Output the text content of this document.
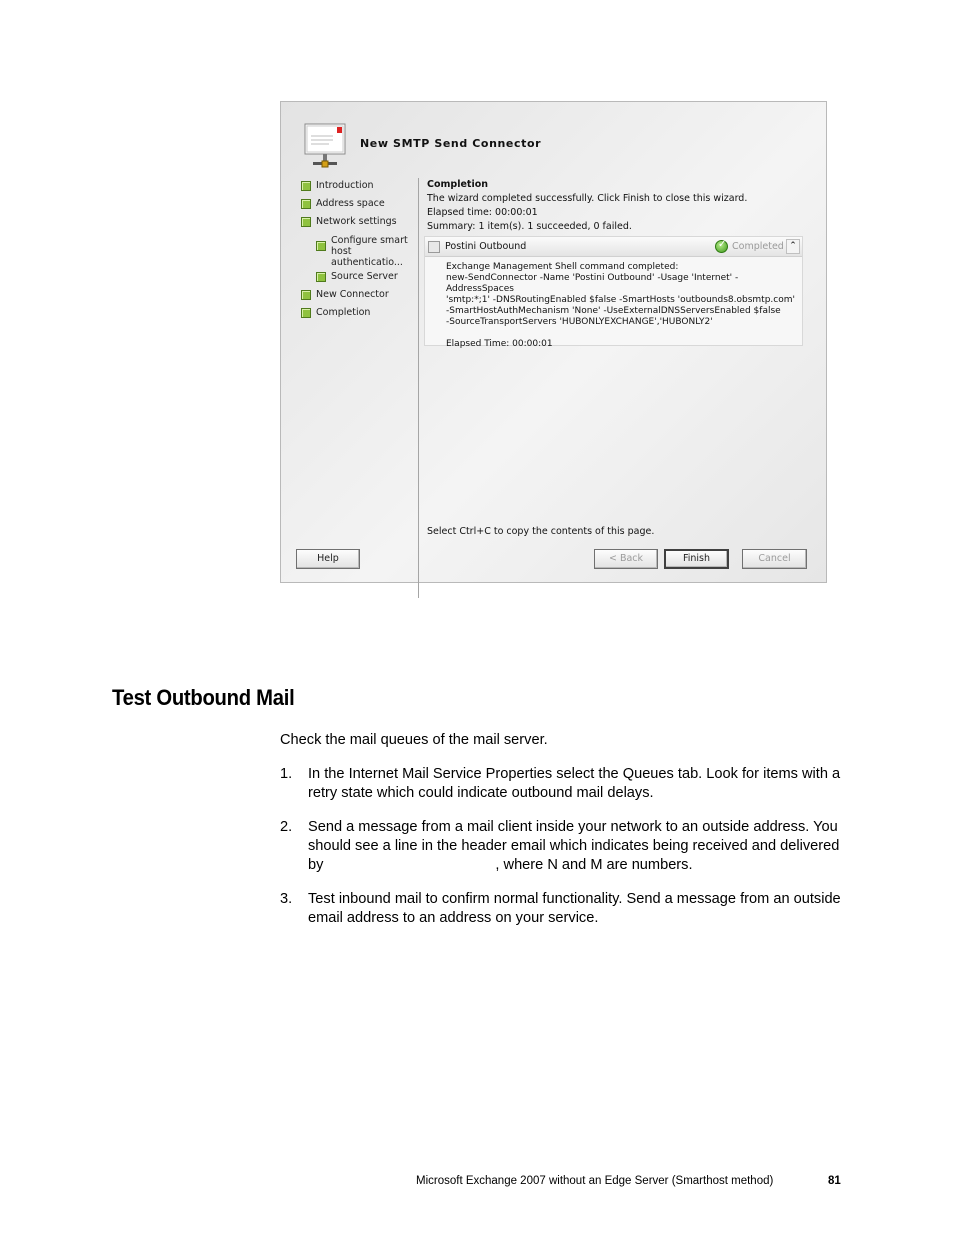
New SMTP Send Connector
Introduction
Address space
Network settings
Configure smart host authenticatio...
Source Server
New Connector
Completion
Completion
The wizard completed successfully. Click Finish to close this wizard.
Elapsed time: 00:00:01
Summary: 1 item(s). 1 succeeded, 0 failed.
Postini Outbound
✓	Completed ⌃
Exchange Management Shell command completed:
new-SendConnector -Name 'Postini Outbound' -Usage 'Internet' -AddressSpaces
'smtp:*;1' -DNSRoutingEnabled $false -SmartHosts 'outbounds8.obsmtp.com'
-SmartHostAuthMechanism 'None' -UseExternalDNSServersEnabled $false
-SourceTransportServers 'HUBONLYEXCHANGE','HUBONLY2'
Elapsed Time: 00:00:01
Select Ctrl+C to copy the contents of this page.
Help	< Back	Finish	Cancel
Test Outbound Mail
Check the mail queues of the mail server.
1. In the Internet Mail Service Properties select the Queues tab. Look for items with a retry state which could indicate outbound mail delays.
2. Send a message from a mail client inside your network to an outside address. You should see a line in the header email which indicates being received and delivered by	, where N and M are numbers.
3. Test inbound mail to confirm normal functionality. Send a message from an outside email address to an address on your service.
Microsoft Exchange 2007 without an Edge Server (Smarthost method)	81
